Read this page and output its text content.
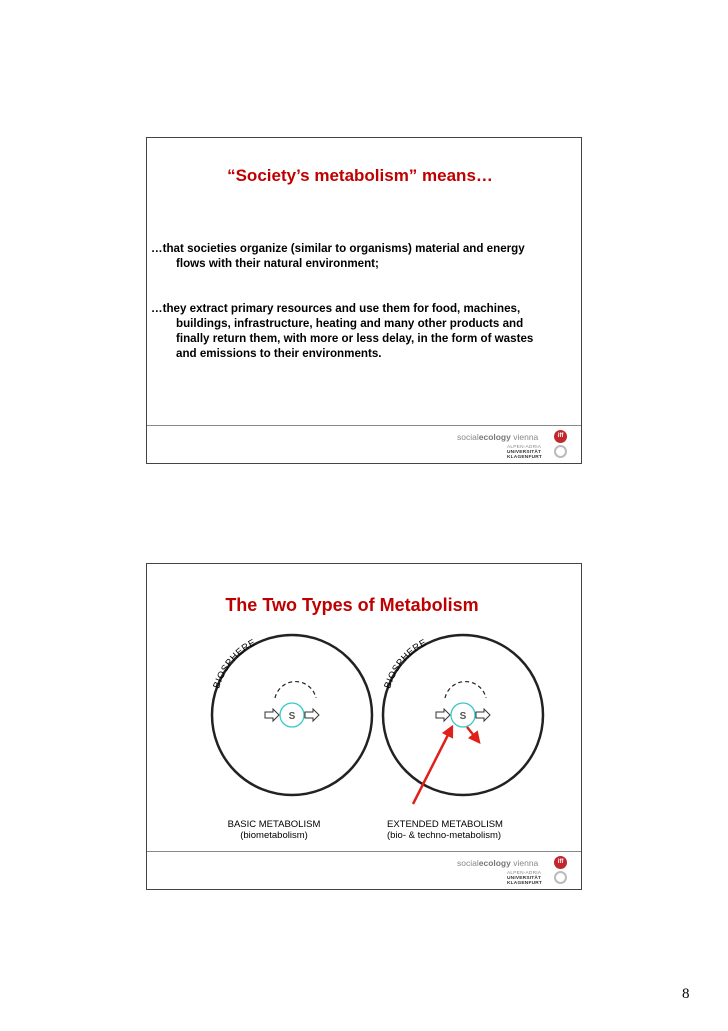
“Society’s metabolism” means…

…that societies organize (similar to organisms) material and energy
flows with their natural environment;

…they extract primary resources and use them for food, machines,
buildings, infrastructure, heating and many other products and finally return them, with more or less delay, in the form of wastes and emissions to their environments.

socialecology vienna	iff
ALPEN-ADRIA
UNIVERSITÄT
KLAGENFURT
The Two Types of Metabolism
BIOSPHERE
S
BASIC METABOLISM
(biometabolism)
BIOSPHERE
S
EXTENDED METABOLISM
(bio- & techno-metabolism)
socialecology vienna	iff
ALPEN-ADRIA
UNIVERSITÄT
KLAGENFURT
8
